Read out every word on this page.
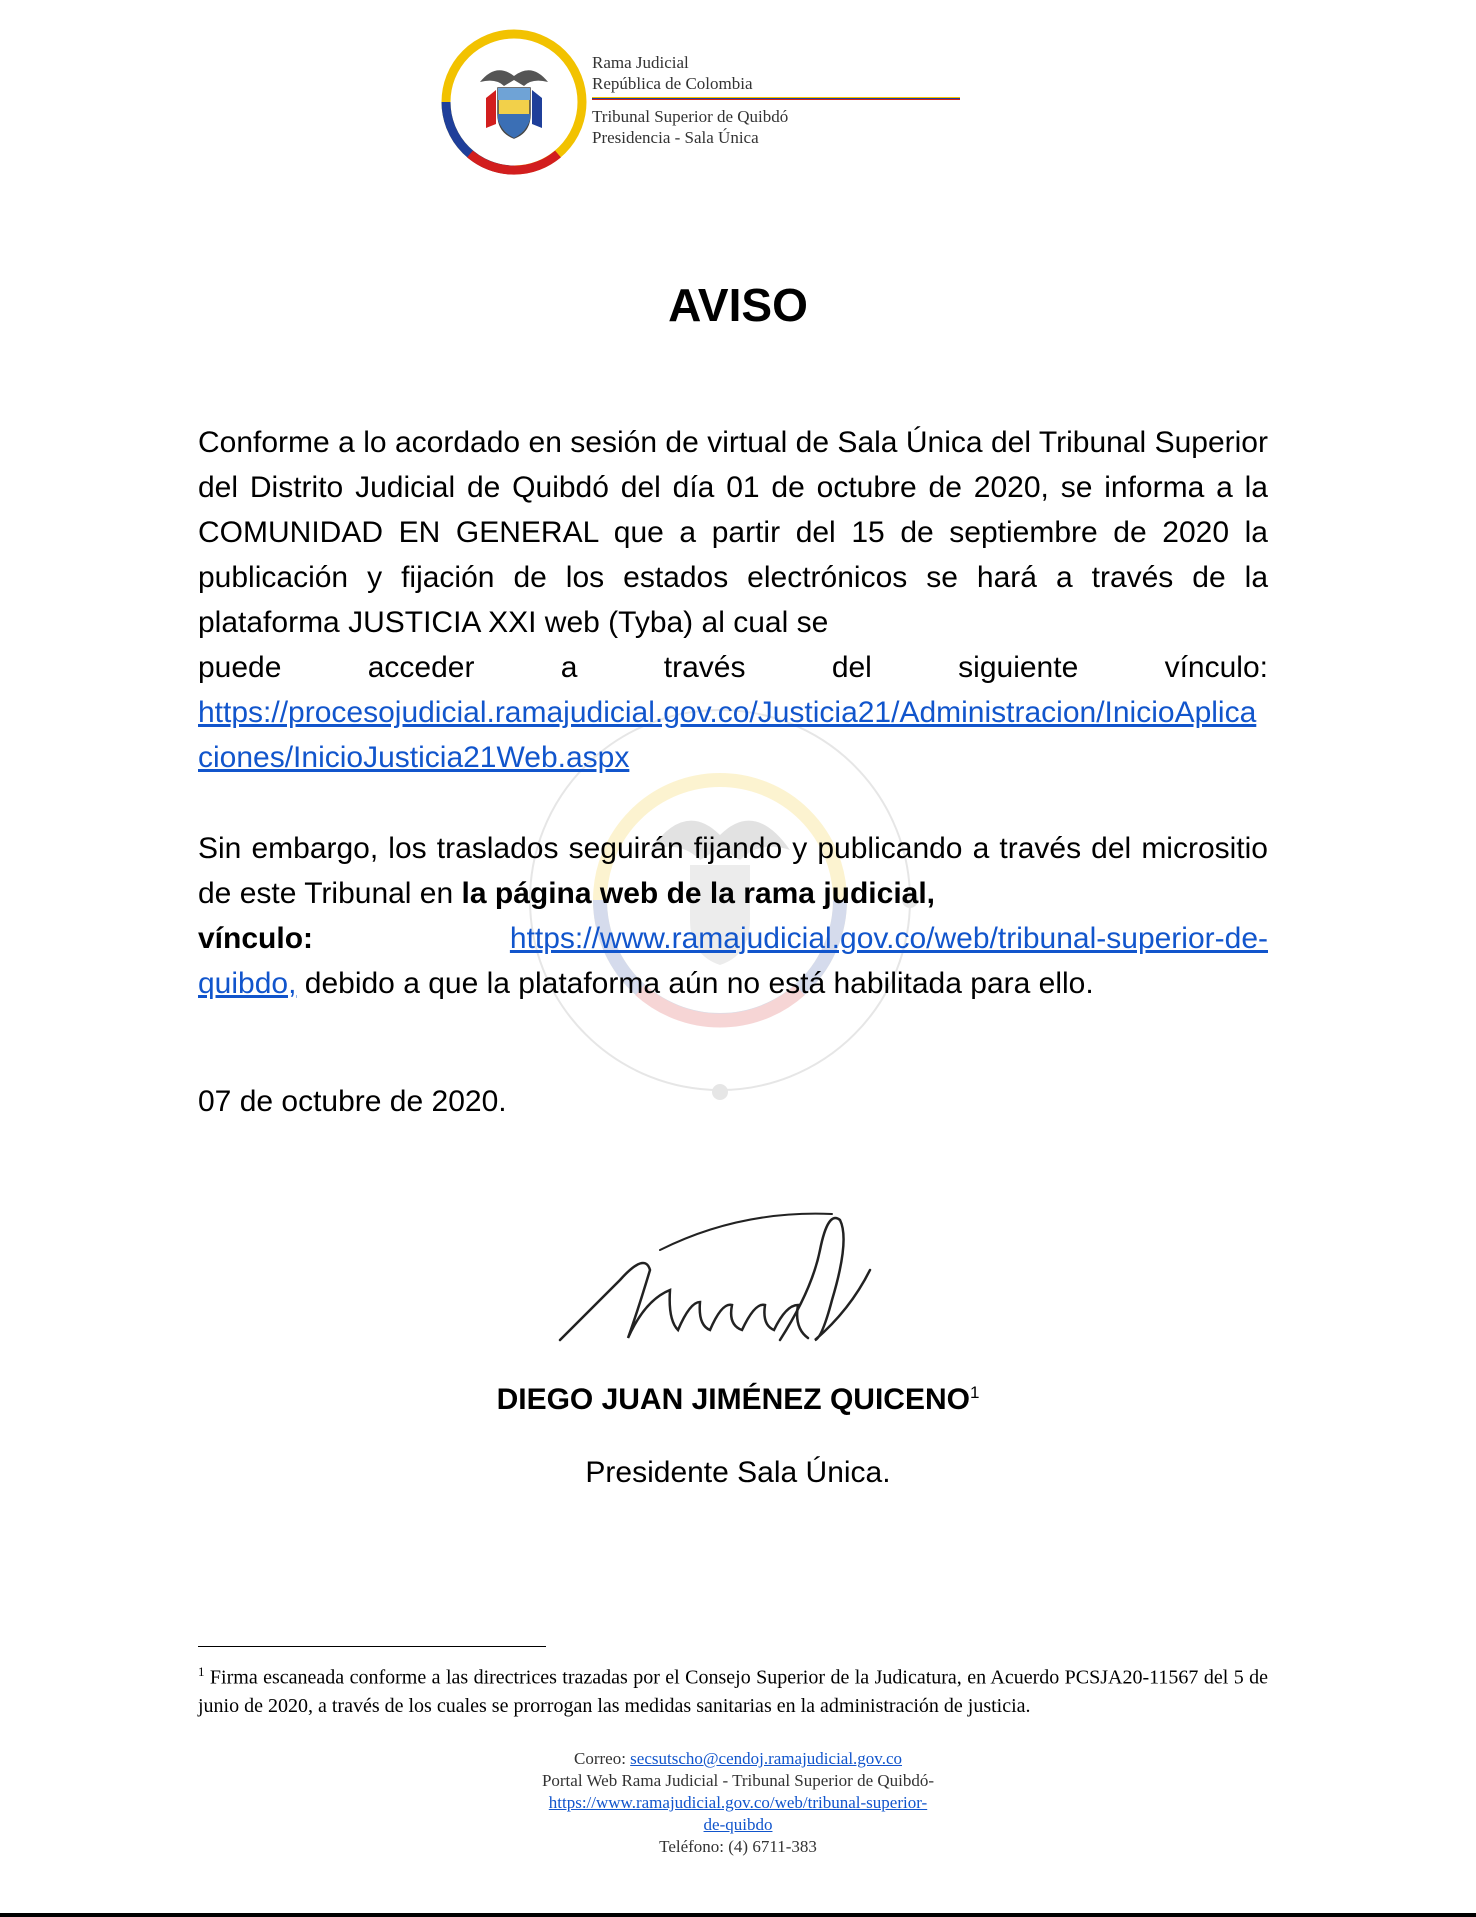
Rama Judicial
República de Colombia
Tribunal Superior de Quibdó
Presidencia - Sala Única
AVISO
Conforme a lo acordado en sesión de virtual de Sala Única del Tribunal Superior del Distrito Judicial de Quibdó del día 01 de octubre de 2020, se informa a la COMUNIDAD EN GENERAL que a partir del 15 de septiembre de 2020 la publicación y fijación de los estados electrónicos se hará a través de la plataforma JUSTICIA XXI web (Tyba) al cual se
puede	acceder	a	través	del	siguiente	vínculo:
https://procesojudicial.ramajudicial.gov.co/Justicia21/Administracion/InicioAplicaciones/InicioJusticia21Web.aspx
Sin embargo, los traslados seguirán fijando y publicando a través del micrositio de este Tribunal en la página web de la rama judicial,
vínculo:	https://www.ramajudicial.gov.co/web/tribunal-superior-de-
quibdo, debido a que la plataforma aún no está habilitada para ello.
07 de octubre de 2020.
DIEGO JUAN JIMÉNEZ QUICENO$^1$
Presidente Sala Única.
$^1$ Firma escaneada conforme a las directrices trazadas por el Consejo Superior de la Judicatura, en Acuerdo PCSJA20-11567 del 5 de junio de 2020, a través de los cuales se prorrogan las medidas sanitarias en la administración de justicia.
Correo: secsutscho@cendoj.ramajudicial.gov.co
Portal Web Rama Judicial - Tribunal Superior de Quibdó-
https://www.ramajudicial.gov.co/web/tribunal-superior-
de-quibdo
Teléfono: (4) 6711-383
